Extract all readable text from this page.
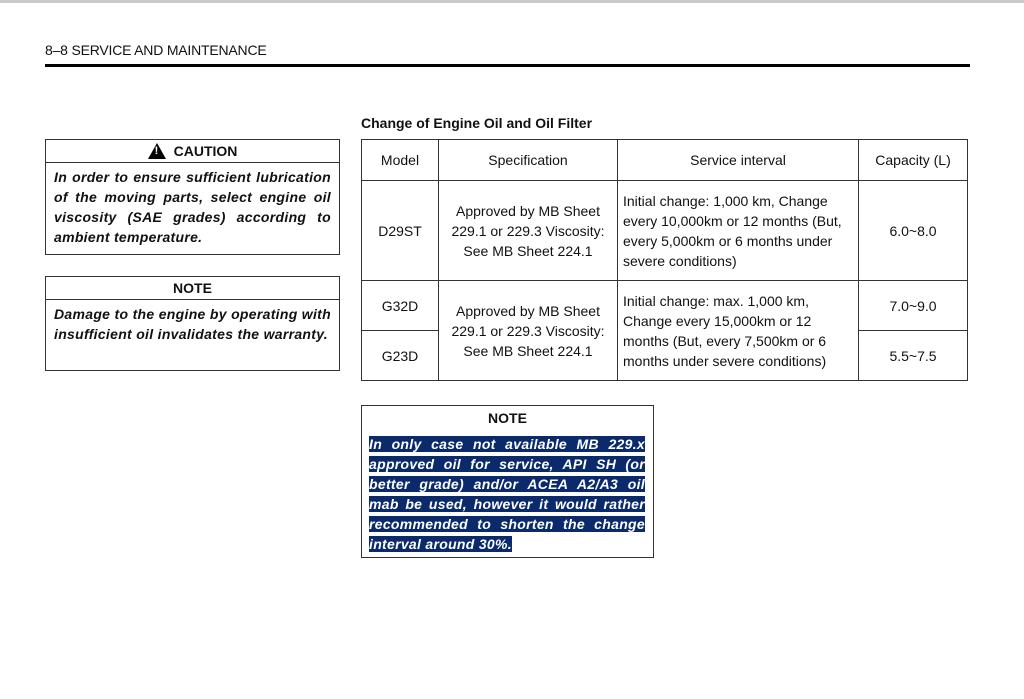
8–8 SERVICE AND MAINTENANCE
!CAUTION
In order to ensure sufficient lubrication of the moving parts, select engine oil viscosity (SAE grades) according to ambient temperature.
NOTE
Damage to the engine by operating with insufficient oil invalidates the warranty.
Change of Engine Oil and Oil Filter
Model	Specification	Service interval	Capacity (L)
D29ST	Approved by MB Sheet 229.1 or 229.3 Viscosity: See MB Sheet 224.1	Initial change: 1,000 km, Change every 10,000km or 12 months (But, every 5,000km or 6 months under severe conditions)	6.0~8.0
G32D	Approved by MB Sheet 229.1 or 229.3 Viscosity: See MB Sheet 224.1	Initial change: max. 1,000 km, Change every 15,000km or 12 months (But, every 7,500km or 6 months under severe conditions)	7.0~9.0
G23D			5.5~7.5
NOTE
In only case not available MB 229.x approved oil for service, API SH (or better grade) and/or ACEA A2/A3 oil mab be used, however it would rather recommended to shorten the change interval around 30%.
